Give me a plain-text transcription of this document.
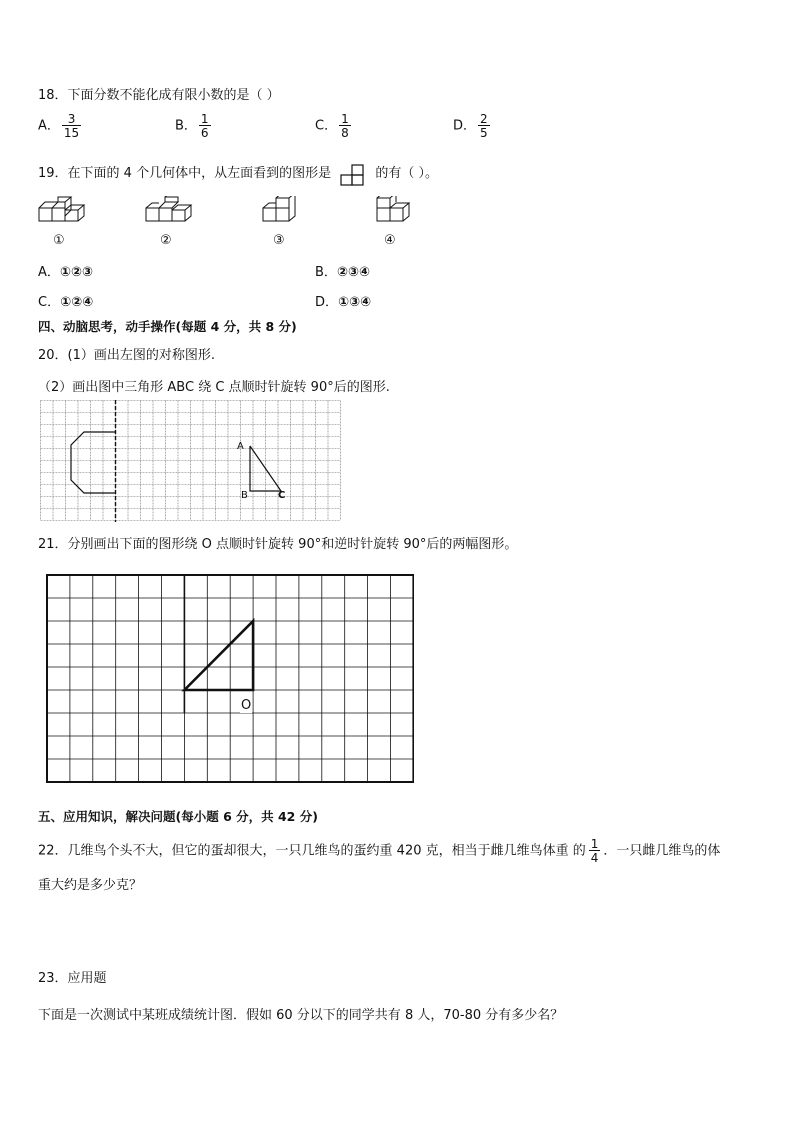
18．下面分数不能化成有限小数的是（ ）
A． $\frac{3}{15}$	B． $\frac{1}{6}$	C． $\frac{1}{8}$	D． $\frac{2}{5}$
19．在下面的 4 个几何体中，从左面看到的图形是	的有（ ）。
①	②	③	④
A．①②③	B．②③④
C．①②④	D．①③④
四、动脑思考，动手操作(每题 4 分，共 8 分)
20．(1）画出左图的对称图形.
（2）画出图中三角形 ABC 绕 C 点顺时针旋转 90°后的图形.
A
B	C
21．分别画出下面的图形绕 O 点顺时针旋转 90°和逆时针旋转 90°后的两幅图形。
O
五、应用知识，解决问题(每小题 6 分，共 42 分)
22．几维鸟个头不大，但它的蛋却很大，一只几维鸟的蛋约重 420 克，相当于雌几维鸟体重 的 $\frac{1}{4}$ ．一只雌几维鸟的体
重大约是多少克？
23．应用题
下面是一次测试中某班成绩统计图．假如 60 分以下的同学共有 8 人，70-80 分有多少名？
